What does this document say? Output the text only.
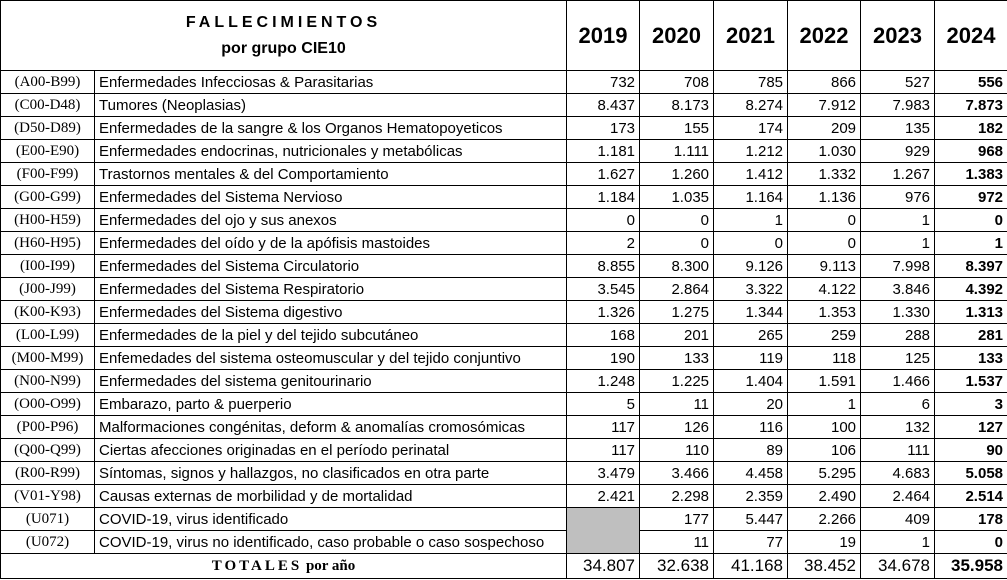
FALLECIMIENTOS
por grupo CIE10		2019	2020	2021	2022	2023	2024
(A00-B99)	Enfermedades Infecciosas & Parasitarias	732	708	785	866	527	556
(C00-D48)	Tumores (Neoplasias)	8.437	8.173	8.274	7.912	7.983	7.873
(D50-D89)	Enfermedades de la sangre & los Organos Hematopoyeticos	173	155	174	209	135	182
(E00-E90)	Enfermedades endocrinas, nutricionales y metabólicas	1.181	1.111	1.212	1.030	929	968
(F00-F99)	Trastornos mentales & del Comportamiento	1.627	1.260	1.412	1.332	1.267	1.383
(G00-G99)	Enfermedades del Sistema Nervioso	1.184	1.035	1.164	1.136	976	972
(H00-H59)	Enfermedades del ojo y sus anexos	0	0	1	0	1	0
(H60-H95)	Enfermedades del oído y de la apófisis mastoides	2	0	0	0	1	1
(I00-I99)	Enfermedades del Sistema Circulatorio	8.855	8.300	9.126	9.113	7.998	8.397
(J00-J99)	Enfermedades del Sistema Respiratorio	3.545	2.864	3.322	4.122	3.846	4.392
(K00-K93)	Enfermedades del Sistema digestivo	1.326	1.275	1.344	1.353	1.330	1.313
(L00-L99)	Enfermedades de la piel y del tejido subcutáneo	168	201	265	259	288	281
(M00-M99)	Enfemedades del sistema osteomuscular y del tejido conjuntivo	190	133	119	118	125	133
(N00-N99)	Enfermedades del sistema genitourinario	1.248	1.225	1.404	1.591	1.466	1.537
(O00-O99)	Embarazo, parto & puerperio	5	11	20	1	6	3
(P00-P96)	Malformaciones congénitas, deform & anomalías cromosómicas	117	126	116	100	132	127
(Q00-Q99)	Ciertas afecciones originadas en el período perinatal	117	110	89	106	111	90
(R00-R99)	Síntomas, signos y hallazgos, no clasificados en otra parte	3.479	3.466	4.458	5.295	4.683	5.058
(V01-Y98)	Causas externas de morbilidad y de mortalidad	2.421	2.298	2.359	2.490	2.464	2.514
(U071)	COVID-19, virus identificado		177	5.447	2.266	409	178
(U072)	COVID-19, virus no identificado, caso probable o caso sospechoso		11	77	19	1	0
TOTALES por año		34.807	32.638	41.168	38.452	34.678	35.958
